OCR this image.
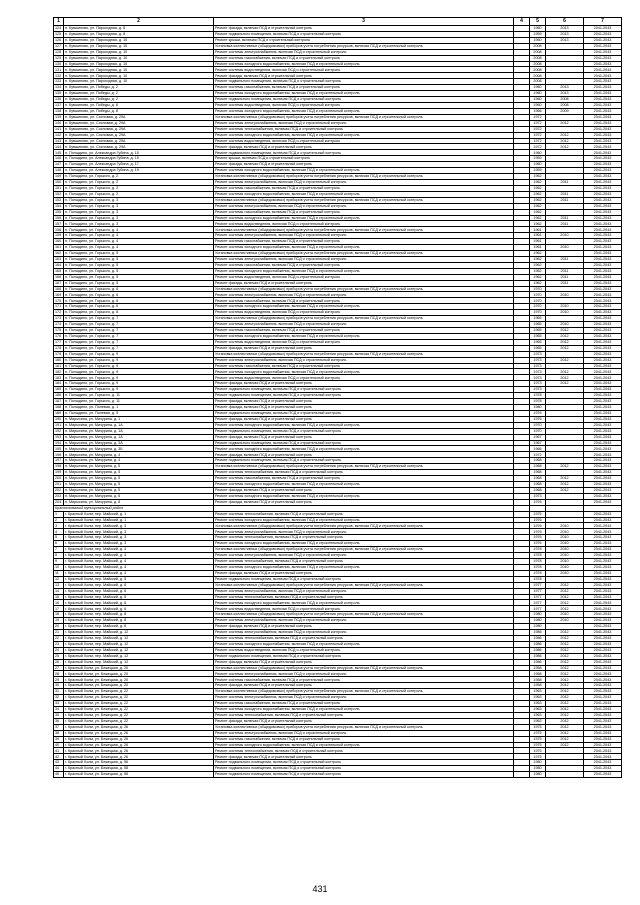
1	2	3	4	5	6	7
124	п. Кувшиново, ул. Пароходная, д. 8	Ремонт фасада, включая ПСД и строительный контроль		1960	2013	2041-2043
125	п. Кувшиново, ул. Пароходная, д. 8	Ремонт подвального помещения, включая ПСД и строительный контроль		1959	2013	2041-2043
126	п. Кувшиново, ул. Пароходная, д. 10	Ремонт крыши, включая ПСД и строительный контроль		1960	2013	2041-2043
127	п. Кувшиново, ул. Пароходная, д. 10	Установка коллективных (общедомовых) приборов учета потребления ресурсов, включая ПСД и строительный контроль		2008		2041-2043
128	п. Кувшиново, ул. Пароходная, д. 10	Ремонт системы электроснабжения, включая ПСД и строительный контроль		2008		2041-2043
129	п. Кувшиново, ул. Пароходная, д. 10	Ремонт системы газоснабжения, включая ПСД и строительный контроль		2008		2041-2043
130	п. Кувшиново, ул. Пароходная, д. 10	Ремонт системы холодного водоснабжения, включая ПСД и строительный контроль		2008		2041-2043
131	п. Кувшиново, ул. Пароходная, д. 10	Ремонт системы водоотведения, включая ПСД и строительный контроль		2008		2041-2043
132	п. Кувшиново, ул. Пароходная, д. 10	Ремонт фасада, включая ПСД и строительный контроль		2008		2041-2043
133	п. Кувшиново, ул. Пароходная, д. 10	Ремонт подвального помещения, включая ПСД и строительный контроль		2008		2041-2043
134	п. Кувшиново, ул. Победы, д. 2	Ремонт системы газоснабжения, включая ПСД и строительный контроль		1960	2013	2041-2043
135	п. Кувшиново, ул. Победы, д. 2	Ремонт системы холодного водоснабжения, включая ПСД и строительный контроль		1960	2013	2041-2043
136	п. Кувшиново, ул. Победы, д. 2	Ремонт подвального помещения, включая ПСД и строительный контроль		1960	2008	2041-2043
137	п. Кувшиново, ул. Победы, д. 8	Ремонт системы водоотведения, включая ПСД и строительный контроль		1960	2008	2041-2043
138	п. Кувшиново, ул. Победы, д. 8	Ремонт системы холодного водоснабжения, включая ПСД и строительный контроль		1966	2009	2041-2043
139	п. Кувшиново, ул. Сосновая, д. 29А	Установка коллективных (общедомовых) приборов учета потребления ресурсов, включая ПСД и строительный контроль		1972		2041-2043
140	п. Кувшиново, ул. Сосновая, д. 29А	Ремонт системы электроснабжения, включая ПСД и строительный контроль		1972	2012	2041-2043
141	п. Кувшиново, ул. Сосновая, д. 29А	Ремонт системы теплоснабжения, включая ПСД и строительный контроль		1972		2041-2043
142	п. Кувшиново, ул. Сосновая, д. 29А	Ремонт системы холодного водоснабжения, включая ПСД и строительный контроль		1972	2012	2041-2043
143	п. Кувшиново, ул. Сосновая, д. 29А	Ремонт системы водоотведения, включая ПСД и строительный контроль		1972	2012	2041-2043
144	п. Кувшиново, ул. Сосновая, д. 29А	Ремонт фасада, включая ПСД и строительный контроль		1972	2012	2041-2043
145	п. Полшдино, ул. Александра Губина, д. 15	Ремонт подвального помещения, включая ПСД и строительный контроль		1960		2041-2043
146	п. Полшдино, ул. Александра Губина, д. 15	Ремонт крыши, включая ПСД и строительный контроль		1959		2041-2043
147	п. Полшдино, ул. Александра Губина, д. 17	Ремонт фасада, включая ПСД и строительный контроль		1960		2041-2043
148	п. Полшдино, ул. Александра Губина, д. 19	Ремонт системы холодного водоснабжения, включая ПСД и строительный контроль		1959		2041-2043
149	п. Полшдино, ул. Горького, д. 2	Установка коллективных (общедомовых) приборов учета потребления ресурсов, включая ПСД и строительный контроль		1962		2041-2043
150	п. Полшдино, ул. Горького, д. 2	Ремонт системы электроснабжения, включая ПСД и строительный контроль		1962	2011	2041-2043
151	п. Полшдино, ул. Горького, д. 2	Ремонт системы газоснабжения, включая ПСД и строительный контроль		1962		2041-2043
152	п. Полшдино, ул. Горького, д. 2	Ремонт системы холодного водоснабжения, включая ПСД и строительный контроль		1962	2011	2041-2043
153	п. Полшдино, ул. Горького, д. 3	Установка коллективных (общедомовых) приборов учета потребления ресурсов, включая ПСД и строительный контроль		1962	2011	2041-2043
154	п. Полшдино, ул. Горького, д. 3	Ремонт системы электроснабжения, включая ПСД и строительный контроль		1962		2041-2043
155	п. Полшдино, ул. Горького, д. 3	Ремонт системы газоснабжения, включая ПСД и строительный контроль		1962		2041-2043
156	п. Полшдино, ул. Горького, д. 3	Ремонт системы холодного водоснабжения, включая ПСД и строительный контроль		1962	2011	2041-2043
157	п. Полшдино, ул. Горького, д. 3	Ремонт системы водоотведения, включая ПСД и строительный контроль		1962	2011	2041-2043
158	п. Полшдино, ул. Горького, д. 4	Установка коллективных (общедомовых) приборов учета потребления ресурсов, включая ПСД и строительный контроль		1961		2041-2043
159	п. Полшдино, ул. Горького, д. 4	Ремонт системы электроснабжения, включая ПСД и строительный контроль		1961	2010	2041-2043
160	п. Полшдино, ул. Горького, д. 4	Ремонт системы газоснабжения, включая ПСД и строительный контроль		1961		2041-2043
161	п. Полшдино, ул. Горького, д. 4	Ремонт системы холодного водоснабжения, включая ПСД и строительный контроль		1961	2010	2041-2043
162	п. Полшдино, ул. Горького, д. 5	Установка коллективных (общедомовых) приборов учета потребления ресурсов, включая ПСД и строительный контроль		1962		2041-2043
163	п. Полшдино, ул. Горького, д. 5	Ремонт системы электроснабжения, включая ПСД и строительный контроль		1962	2011	2041-2043
164	п. Полшдино, ул. Горького, д. 5	Ремонт системы газоснабжения, включая ПСД и строительный контроль		1962		2041-2043
165	п. Полшдино, ул. Горького, д. 5	Ремонт системы холодного водоснабжения, включая ПСД и строительный контроль		1962	2011	2041-2043
166	п. Полшдино, ул. Горького, д. 5	Ремонт системы водоотведения, включая ПСД и строительный контроль		1962	2011	2041-2043
167	п. Полшдино, ул. Горького, д. 5	Ремонт фасада, включая ПСД и строительный контроль		1962	2011	2041-2043
168	п. Полшдино, ул. Горького, д. 6	Установка коллективных (общедомовых) приборов учета потребления ресурсов, включая ПСД и строительный контроль		1970		2041-2043
169	п. Полшдино, ул. Горького, д. 6	Ремонт системы электроснабжения, включая ПСД и строительный контроль		1970	2010	2041-2043
170	п. Полшдино, ул. Горького, д. 6	Ремонт системы газоснабжения, включая ПСД и строительный контроль		1970		2041-2043
171	п. Полшдино, ул. Горького, д. 6	Ремонт системы холодного водоснабжения, включая ПСД и строительный контроль		1970	2010	2041-2043
172	п. Полшдино, ул. Горького, д. 6	Ремонт системы водоотведения, включая ПСД и строительный контроль		1970	2010	2041-2043
173	п. Полшдино, ул. Горького, д. 7	Установка коллективных (общедомовых) приборов учета потребления ресурсов, включая ПСД и строительный контроль		1965		2041-2043
174	п. Полшдино, ул. Горького, д. 7	Ремонт системы электроснабжения, включая ПСД и строительный контроль		1965	2010	2041-2043
175	п. Полшдино, ул. Горького, д. 7	Ремонт системы газоснабжения, включая ПСД и строительный контроль		1965	2012	2041-2043
176	п. Полшдино, ул. Горького, д. 7	Ремонт системы холодного водоснабжения, включая ПСД и строительный контроль		1965	2012	2041-2043
177	п. Полшдино, ул. Горького, д. 7	Ремонт системы водоотведения, включая ПСД и строительный контроль		1965	2012	2041-2043
178	п. Полшдино, ул. Горького, д. 7	Ремонт фасада, включая ПСД и строительный контроль		1965	2012	2041-2043
179	п. Полшдино, ул. Горького, д. 9	Установка коллективных (общедомовых) приборов учета потребления ресурсов, включая ПСД и строительный контроль		1973		2041-2043
180	п. Полшдино, ул. Горького, д. 9	Ремонт системы электроснабжения, включая ПСД и строительный контроль		1973	2012	2041-2043
181	п. Полшдино, ул. Горького, д. 9	Ремонт системы газоснабжения, включая ПСД и строительный контроль		1973		2041-2043
182	п. Полшдино, ул. Горького, д. 9	Ремонт системы холодного водоснабжения, включая ПСД и строительный контроль		1973	2012	2041-2043
183	п. Полшдино, ул. Горького, д. 9	Ремонт системы водоотведения, включая ПСД и строительный контроль		1973	2012	2041-2043
184	п. Полшдино, ул. Горького, д. 9	Ремонт фасада, включая ПСД и строительный контроль		1973	2012	2041-2043
185	п. Полшдино, ул. Горького, д. 9	Ремонт подвального помещения, включая ПСД и строительный контроль		1973		2041-2043
186	п. Полшдино, ул. Горького, д. 11	Ремонт подвального помещения, включая ПСД и строительный контроль		1978		2041-2043
187	п. Полшдино, ул. Горького, д. 11	Ремонт фасада, включая ПСД и строительный контроль		1978		2041-2043
188	п. Полшдино, ул. Полевая, д. 1	Ремонт фасада, включая ПСД и строительный контроль		1980		2041-2043
189	п. Полшдино, ул. Полевая, д. 5	Ремонт подвального помещения, включая ПСД и строительный контроль		1976		2041-2043
190	п. Мирыхина, ул. Мичурина, д. 1	Ремонт фасада, включая ПСД и строительный контроль		1976		2041-2043
191	п. Мирыхина, ул. Мичурина, д. 1А	Ремонт системы холодного водоснабжения, включая ПСД и строительный контроль		1970		2041-2043
192	п. Мирыхина, ул. Мичурина, д. 1А	Ремонт подвального помещения, включая ПСД и строительный контроль		1970		2041-2043
193	п. Мирыхина, ул. Мичурина, д. 1А	Ремонт фасада, включая ПСД и строительный контроль		1967		2041-2043
194	п. Мирыхина, ул. Мичурина, д. 3А	Ремонт подвального помещения, включая ПСД и строительный контроль		1967		2041-2043
195	п. Мирыхина, ул. Мичурина, д. 3Б	Ремонт системы холодного водоснабжения, включая ПСД и строительный контроль		1966		2041-2043
196	п. Мирыхина, ул. Мичурина, д. 4	Ремонт фасада, включая ПСД и строительный контроль		1972		2041-2043
197	п. Мирыхина, ул. Мичурина, д. 4	Ремонт подвального помещения, включая ПСД и строительный контроль		1968		2041-2043
198	п. Мирыхина, ул. Мичурина, д. 5	Установка коллективных (общедомовых) приборов учета потребления ресурсов, включая ПСД и строительный контроль		1968	2012	2041-2043
199	п. Мирыхина, ул. Мичурина, д. 5	Ремонт системы теплоснабжения, включая ПСД и строительный контроль		1968		2041-2043
200	п. Мирыхина, ул. Мичурина, д. 5	Ремонт системы газоснабжения, включая ПСД и строительный контроль		1968	2012	2041-2043
201	п. Мирыхина, ул. Мичурина, д. 5	Ремонт системы холодного водоснабжения, включая ПСД и строительный контроль		1968	2012	2041-2043
202	п. Мирыхина, ул. Мичурина, д. 5	Ремонт фасада, включая ПСД и строительный контроль		1968	2012	2041-2043
203	п. Мирыхина, ул. Мичурина, д. 6	Ремонт системы холодного водоснабжения, включая ПСД и строительный контроль		1973		2041-2043
204	п. Мирыхина, ул. Мичурина, д. 8	Ремонт фасада, включая ПСД и строительный контроль		1976		2041-2043
Краснохолмский муниципальный район						
1	г. Красный Холм, пер. Майский, д. 1	Ремонт системы теплоснабжения, включая ПСД и строительный контроль		1976		2041-2043
2	г. Красный Холм, пер. Майский, д. 1	Ремонт системы холодного водоснабжения, включая ПСД и строительный контроль		1976		2041-2043
3	г. Красный Холм, пер. Майский, д. 3	Установка коллективных (общедомовых) приборов учета потребления ресурсов, включая ПСД и строительный контроль		1976	2010	2041-2043
4	г. Красный Холм, пер. Майский, д. 3	Ремонт системы электроснабжения, включая ПСД и строительный контроль		1976	2010	2041-2043
5	г. Красный Холм, пер. Майский, д. 3	Ремонт системы теплоснабжения, включая ПСД и строительный контроль		1976	2010	2041-2043
6	г. Красный Холм, пер. Майский, д. 3	Ремонт системы холодного водоснабжения, включая ПСД и строительный контроль		1976	2010	2041-2043
7	г. Красный Холм, пер. Майский, д. 4	Установка коллективных (общедомовых) приборов учета потребления ресурсов, включая ПСД и строительный контроль		1978	2010	2041-2043
8	г. Красный Холм, пер. Майский, д. 4	Ремонт системы электроснабжения, включая ПСД и строительный контроль		1978	2010	2041-2043
9	г. Красный Холм, пер. Майский, д. 4	Ремонт системы теплоснабжения, включая ПСД и строительный контроль		1978	2010	2041-2043
10	г. Красный Холм, пер. Майский, д. 4	Ремонт системы холодного водоснабжения, включая ПСД и строительный контроль		1978	2010	2041-2043
11	г. Красный Холм, пер. Майский, д. 4	Ремонт фасада, включая ПСД и строительный контроль		1978	2010	2041-2043
12	г. Красный Холм, пер. Майский, д. 5	Ремонт подвального помещения, включая ПСД и строительный контроль		1978		2041-2043
13	г. Красный Холм, пер. Майский, д. 6	Установка коллективных (общедомовых) приборов учета потребления ресурсов, включая ПСД и строительный контроль		1977	2012	2041-2043
14	г. Красный Холм, пер. Майский, д. 6	Ремонт системы электроснабжения, включая ПСД и строительный контроль		1977	2012	2041-2043
15	г. Красный Холм, пер. Майский, д. 6	Ремонт системы теплоснабжения, включая ПСД и строительный контроль		1977	2012	2041-2043
16	г. Красный Холм, пер. Майский, д. 6	Ремонт системы холодного водоснабжения, включая ПСД и строительный контроль		1977	2012	2041-2043
17	г. Красный Холм, пер. Майский, д. 6	Ремонт системы водоотведения, включая ПСД и строительный контроль		1977	2012	2041-2043
18	г. Красный Холм, пер. Майский, д. 8	Установка коллективных (общедомовых) приборов учета потребления ресурсов, включая ПСД и строительный контроль		1980	2010	2041-2043
19	г. Красный Холм, пер. Майский, д. 8	Ремонт системы электроснабжения, включая ПСД и строительный контроль		1980	2010	2041-2043
20	г. Красный Холм, пер. Майский, д. 8	Ремонт фасада, включая ПСД и строительный контроль		1980		2041-2043
21	г. Красный Холм, пер. Майский, д. 12	Ремонт системы электроснабжения, включая ПСД и строительный контроль		1986	2012	2041-2043
22	г. Красный Холм, пер. Майский, д. 12	Ремонт системы теплоснабжения, включая ПСД и строительный контроль		1986	2012	2041-2043
23	г. Красный Холм, пер. Майский, д. 12	Ремонт системы холодного водоснабжения, включая ПСД и строительный контроль		1986	2012	2041-2043
24	г. Красный Холм, пер. Майский, д. 12	Ремонт системы водоотведения, включая ПСД и строительный контроль		1986	2012	2041-2043
25	г. Красный Холм, пер. Майский, д. 12	Ремонт подвального помещения, включая ПСД и строительный контроль		1986	2012	2041-2043
26	г. Красный Холм, пер. Майский, д. 12	Ремонт фасада, включая ПСД и строительный контроль		1986	2012	2041-2043
27	г. Красный Холм, ул. Бежецкая, д. 20	Установка коллективных (общедомовых) приборов учета потребления ресурсов, включая ПСД и строительный контроль		1958	2012	2041-2043
28	г. Красный Холм, ул. Бежецкая, д. 20	Ремонт системы электроснабжения, включая ПСД и строительный контроль		1958	2012	2041-2043
29	г. Красный Холм, ул. Бежецкая, д. 20	Ремонт системы газоснабжения, включая ПСД и строительный контроль		1958	2012	2041-2043
30	г. Красный Холм, ул. Бежецкая, д. 20	Ремонт фасада, включая ПСД и строительный контроль		1958	2012	2041-2043
31	г. Красный Холм, ул. Бежецкая, д. 22	Установка коллективных (общедомовых) приборов учета потребления ресурсов, включая ПСД и строительный контроль		1963	2012	2041-2043
32	г. Красный Холм, ул. Бежецкая, д. 22	Ремонт системы электроснабжения, включая ПСД и строительный контроль		1963	2012	2041-2043
33	г. Красный Холм, ул. Бежецкая, д. 22	Ремонт системы газоснабжения, включая ПСД и строительный контроль		1963	2012	2041-2043
34	г. Красный Холм, ул. Бежецкая, д. 22	Ремонт системы холодного водоснабжения, включая ПСД и строительный контроль		1963	2012	2041-2043
35	г. Красный Холм, ул. Бежецкая, д. 22	Ремонт системы теплоснабжения, включая ПСД и строительный контроль		1963	2012	2041-2043
36	г. Красный Холм, ул. Бежецкая, д. 22	Ремонт фасада, включая ПСД и строительный контроль		1963	2012	2041-2043
37	г. Красный Холм, ул. Бежецкая, д. 26	Установка коллективных (общедомовых) приборов учета потребления ресурсов, включая ПСД и строительный контроль		1975	2012	2041-2043
38	г. Красный Холм, ул. Бежецкая, д. 26	Ремонт системы электроснабжения, включая ПСД и строительный контроль		1975	2012	2041-2043
39	г. Красный Холм, ул. Бежецкая, д. 26	Ремонт системы газоснабжения, включая ПСД и строительный контроль		1975	2012	2041-2043
40	г. Красный Холм, ул. Бежецкая, д. 26	Ремонт системы холодного водоснабжения, включая ПСД и строительный контроль		1975	2012	2041-2043
41	г. Красный Холм, ул. Бежецкая, д. 26	Ремонт системы теплоснабжения, включая ПСД и строительный контроль		1975		2041-2043
42	г. Красный Холм, ул. Бежецкая, д. 26	Ремонт фасада, включая ПСД и строительный контроль		1975		2041-2043
43	г. Красный Холм, ул. Бежецкая, д. 56	Ремонт подвального помещения, включая ПСД и строительный контроль		1980		2041-2043
44	г. Красный Холм, ул. Бежецкая, д. 58	Ремонт подвального помещения, включая ПСД и строительный контроль		1980		2041-2043
45	г. Красный Холм, ул. Бежецкая, д. 58	Ремонт подвального помещения, включая ПСД и строительный контроль		1980		2041-2043
431
